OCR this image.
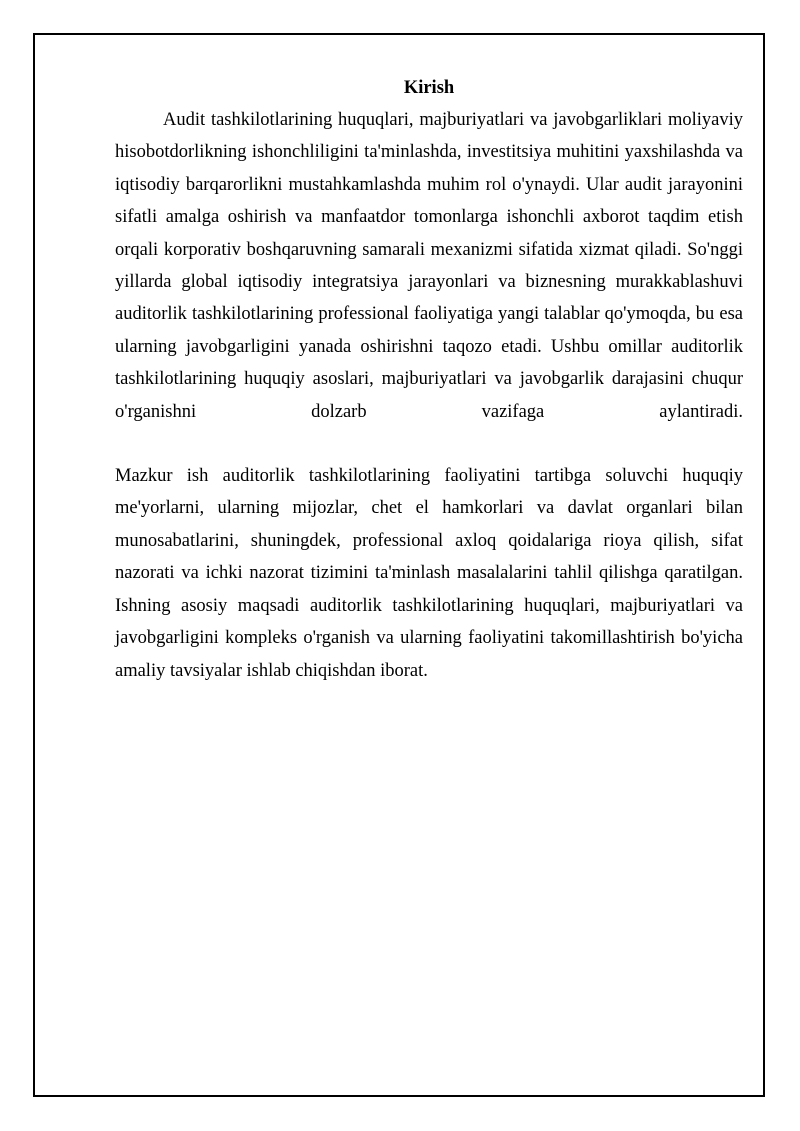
Kirish

Audit tashkilotlarining huquqlari, majburiyatlari va javobgarliklari moliyaviy hisobotdorlikning ishonchliligini ta'minlashda, investitsiya muhitini yaxshilashda va iqtisodiy barqarorlikni mustahkamlashda muhim rol o'ynaydi. Ular audit jarayonini sifatli amalga oshirish va manfaatdor tomonlarga ishonchli axborot taqdim etish orqali korporativ boshqaruvning samarali mexanizmi sifatida xizmat qiladi. So'nggi yillarda global iqtisodiy integratsiya jarayonlari va biznesning murakkablashuvi auditorlik tashkilotlarining professional faoliyatiga yangi talablar qo'ymoqda, bu esa ularning javobgarligini yanada oshirishni taqozo etadi. Ushbu omillar auditorlik tashkilotlarining huquqiy asoslari, majburiyatlari va javobgarlik darajasini chuqur o'rganishni dolzarb vazifaga aylantiradi.

Mazkur ish auditorlik tashkilotlarining faoliyatini tartibga soluvchi huquqiy me'yorlarni, ularning mijozlar, chet el hamkorlari va davlat organlari bilan munosabatlarini, shuningdek, professional axloq qoidalariga rioya qilish, sifat nazorati va ichki nazorat tizimini ta'minlash masalalarini tahlil qilishga qaratilgan. Ishning asosiy maqsadi auditorlik tashkilotlarining huquqlari, majburiyatlari va javobgarligini kompleks o'rganish va ularning faoliyatini takomillashtirish bo'yicha amaliy tavsiyalar ishlab chiqishdan iborat.
